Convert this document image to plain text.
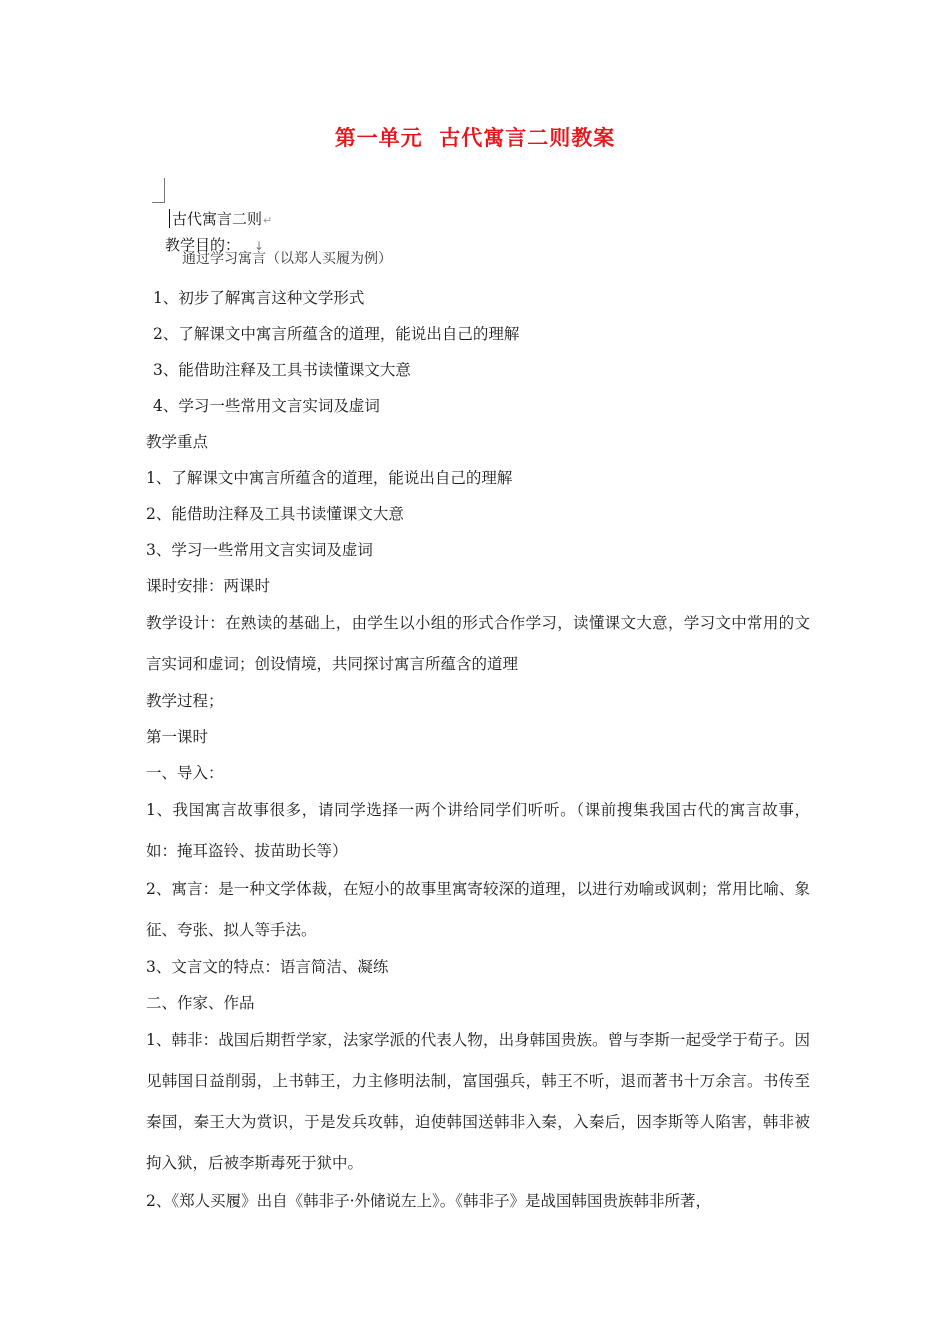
第一单元  古代寓言二则教案
古代寓言二则↵
教学目的： ↓
通过学习寓言（以郑人买履为例）
1、初步了解寓言这种文学形式
2、了解课文中寓言所蕴含的道理，能说出自己的理解
3、能借助注释及工具书读懂课文大意
4、学习一些常用文言实词及虚词
教学重点
1、了解课文中寓言所蕴含的道理，能说出自己的理解
2、能借助注释及工具书读懂课文大意
3、学习一些常用文言实词及虚词
课时安排：两课时
教学设计：在熟读的基础上，由学生以小组的形式合作学习，读懂课文大意，学习文中常用的文言实词和虚词；创设情境，共同探讨寓言所蕴含的道理
教学过程；
第一课时
一、导入：
1、我国寓言故事很多，请同学选择一两个讲给同学们听听。（课前搜集我国古代的寓言故事，如：掩耳盗铃、拔苗助长等）
2、寓言：是一种文学体裁，在短小的故事里寓寄较深的道理，以进行劝喻或讽刺；常用比喻、象征、夸张、拟人等手法。
3、文言文的特点：语言简洁、凝练
二、作家、作品
1、韩非：战国后期哲学家，法家学派的代表人物，出身韩国贵族。曾与李斯一起受学于荀子。因见韩国日益削弱，上书韩王，力主修明法制，富国强兵，韩王不听，退而著书十万余言。书传至秦国，秦王大为赏识，于是发兵攻韩，迫使韩国送韩非入秦，入秦后，因李斯等人陷害，韩非被拘入狱，后被李斯毒死于狱中。
2、《郑人买履》出自《韩非子·外储说左上》。《韩非子》是战国韩国贵族韩非所著，
